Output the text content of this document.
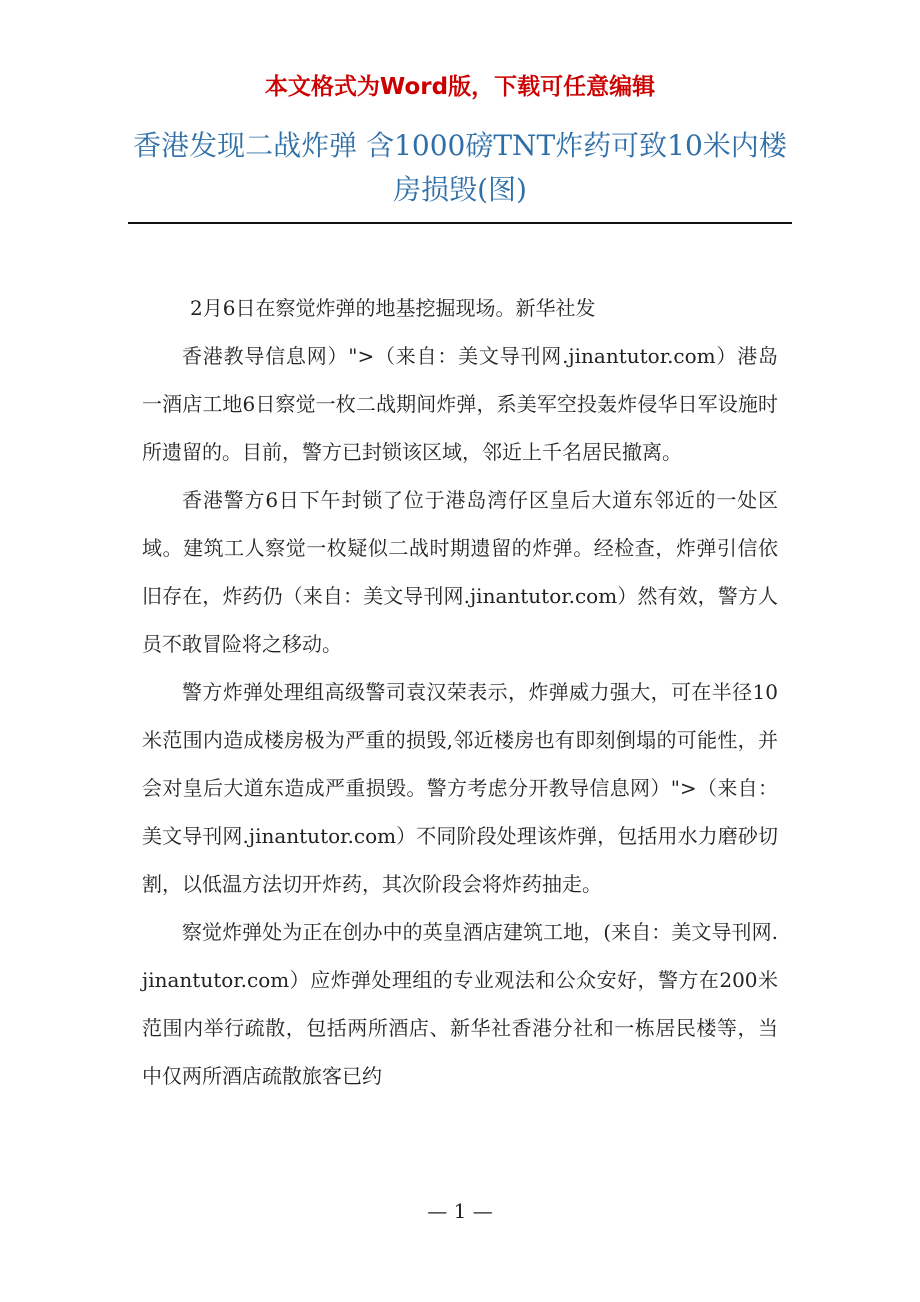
本文格式为Word版，下载可任意编辑
香港发现二战炸弹 含1000磅TNT炸药可致10米内楼房损毁(图)

2月6日在察觉炸弹的地基挖掘现场。新华社发

香港教导信息网）">（来自：美文导刊网.jinantutor.com）港岛一酒店工地6日察觉一枚二战期间炸弹，系美军空投轰炸侵华日军设施时所遗留的。目前，警方已封锁该区域，邻近上千名居民撤离。

香港警方6日下午封锁了位于港岛湾仔区皇后大道东邻近的一处区域。建筑工人察觉一枚疑似二战时期遗留的炸弹。经检查，炸弹引信依旧存在，炸药仍（来自：美文导刊网.jinantutor.com）然有效，警方人员不敢冒险将之移动。

警方炸弹处理组高级警司袁汉荣表示，炸弹威力强大，可在半径10米范围内造成楼房极为严重的损毁,邻近楼房也有即刻倒塌的可能性，并会对皇后大道东造成严重损毁。警方考虑分开教导信息网）">（来自：美文导刊网.jinantutor.com）不同阶段处理该炸弹，包括用水力磨砂切割，以低温方法切开炸药，其次阶段会将炸药抽走。

察觉炸弹处为正在创办中的英皇酒店建筑工地，(来自：美文导刊网.jinantutor.com）应炸弹处理组的专业观法和公众安好，警方在200米范围内举行疏散，包括两所酒店、新华社香港分社和一栋居民楼等，当中仅两所酒店疏散旅客已约

— 1 —
